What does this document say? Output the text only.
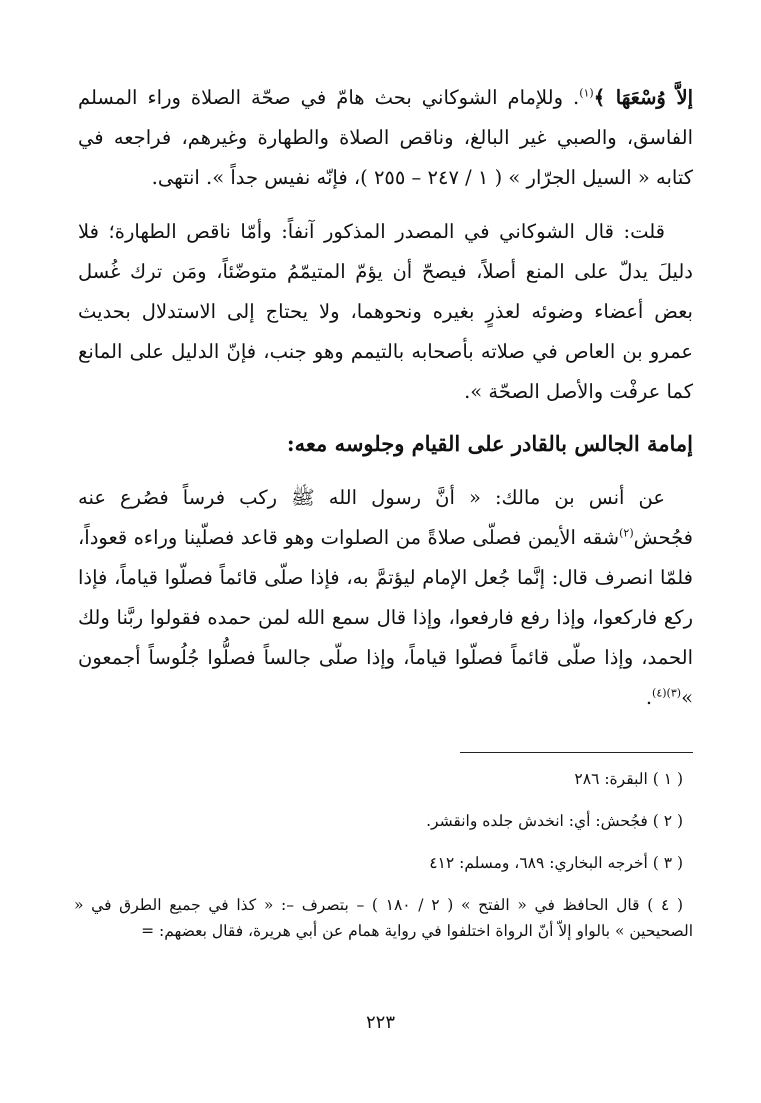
إلاَّ وُسْعَهَا ﴾$^{(١)}$. وللإمام الشوكاني بحث هامّ في صحّة الصلاة وراء المسلم الفاسق، والصبي غير البالغ، وناقص الصلاة والطهارة وغيرهم، فراجعه في كتابه « السيل الجرّار » ( ١ / ٢٤٧ – ٢٥٥ )، فإنّه نفيس جداً ». انتهى.

قلت: قال الشوكاني في المصدر المذكور آنفاً: وأمّا ناقص الطهارة؛ فلا دليلَ يدلّ على المنع أصلاً، فيصحّ أن يؤمّ المتيمّمُ متوضّئاً، ومَن ترك غُسل بعض أعضاء وضوئه لعذرٍ بغيره ونحوهما، ولا يحتاج إلى الاستدلال بحديث عمرو بن العاص في صلاته بأصحابه بالتيمم وهو جنب، فإنّ الدليل على المانع كما عرفْت والأصل الصحّة ».

إمامة الجالس بالقادر على القيام وجلوسه معه:

عن أنس بن مالك: « أنَّ رسول الله ﷺ ركب فرساً فصُرع عنه فجُحش$^{(٢)}$شقه الأيمن فصلّى صلاةً من الصلوات وهو قاعد فصلّينا وراءه قعوداً، فلمّا انصرف قال: إنَّما جُعل الإمام ليؤتمَّ به، فإذا صلّى قائماً فصلّوا قياماً، فإذا ركع فاركعوا، وإذا رفع فارفعوا، وإذا قال سمع الله لمن حمده فقولوا ربَّنا ولك الحمد، وإذا صلّى قائماً فصلّوا قياماً، وإذا صلّى جالساً فصلُّوا جُلُوساً أجمعون »$^{(٣)(٤)}$.

( ١ ) البقرة: ٢٨٦

( ٢ ) فجُحش: أي: انخدش جلده وانقشر.

( ٣ ) أخرجه البخاري: ٦٨٩، ومسلم: ٤١٢

( ٤ ) قال الحافظ في « الفتح » ( ٢ / ١٨٠ ) – بتصرف –: « كذا في جميع الطرق في « الصحيحين » بالواو إلاّ أنّ الرواة اختلفوا في رواية همام عن أبي هريرة، فقال بعضهم: =

٢٢٣
